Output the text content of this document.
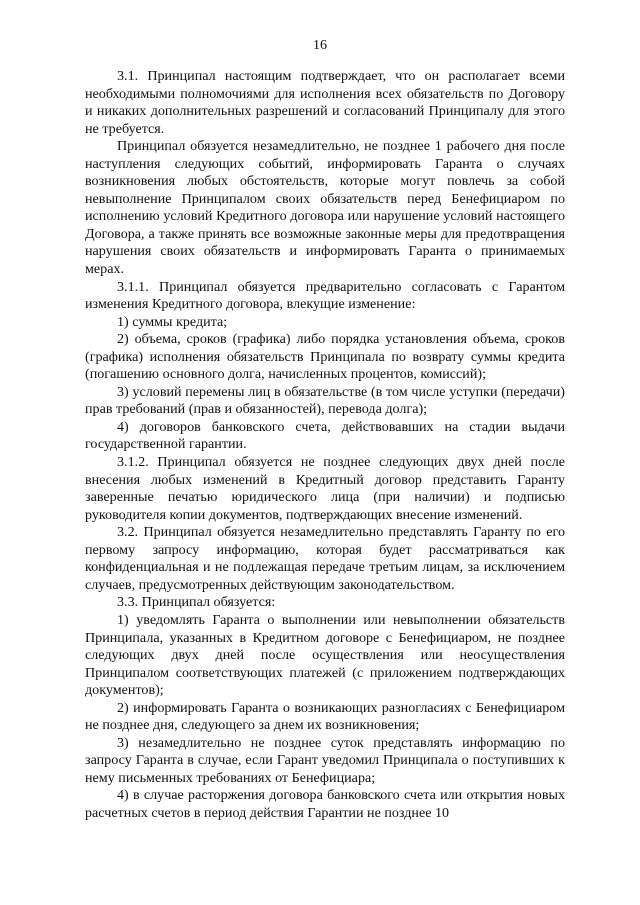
16

3.1. Принципал настоящим подтверждает, что он располагает всеми необходимыми полномочиями для исполнения всех обязательств по Договору и никаких дополнительных разрешений и согласований Принципалу для этого не требуется.

Принципал обязуется незамедлительно, не позднее 1 рабочего дня после наступления следующих событий, информировать Гаранта о случаях возникновения любых обстоятельств, которые могут повлечь за собой невыполнение Принципалом своих обязательств перед Бенефициаром по исполнению условий Кредитного договора или нарушение условий настоящего Договора, а также принять все возможные законные меры для предотвращения нарушения своих обязательств и информировать Гаранта о принимаемых мерах.

3.1.1. Принципал обязуется предварительно согласовать с Гарантом изменения Кредитного договора, влекущие изменение:

1) суммы кредита;

2) объема, сроков (графика) либо порядка установления объема, сроков (графика) исполнения обязательств Принципала по возврату суммы кредита (погашению основного долга, начисленных процентов, комиссий);

3) условий перемены лиц в обязательстве (в том числе уступки (передачи) прав требований (прав и обязанностей), перевода долга);

4) договоров банковского счета, действовавших на стадии выдачи государственной гарантии.

3.1.2. Принципал обязуется не позднее следующих двух дней после внесения любых изменений в Кредитный договор представить Гаранту заверенные печатью юридического лица (при наличии) и подписью руководителя копии документов, подтверждающих внесение изменений.

3.2. Принципал обязуется незамедлительно представлять Гаранту по его первому запросу информацию, которая будет рассматриваться как конфиденциальная и не подлежащая передаче третьим лицам, за исключением случаев, предусмотренных действующим законодательством.

3.3. Принципал обязуется:

1) уведомлять Гаранта о выполнении или невыполнении обязательств Принципала, указанных в Кредитном договоре с Бенефициаром, не позднее следующих двух дней после осуществления или неосуществления Принципалом соответствующих платежей (с приложением подтверждающих документов);

2) информировать Гаранта о возникающих разногласиях с Бенефициаром не позднее дня, следующего за днем их возникновения;

3) незамедлительно не позднее суток представлять информацию по запросу Гаранта в случае, если Гарант уведомил Принципала о поступивших к нему письменных требованиях от Бенефициара;

4) в случае расторжения договора банковского счета или открытия новых расчетных счетов в период действия Гарантии не позднее 10
